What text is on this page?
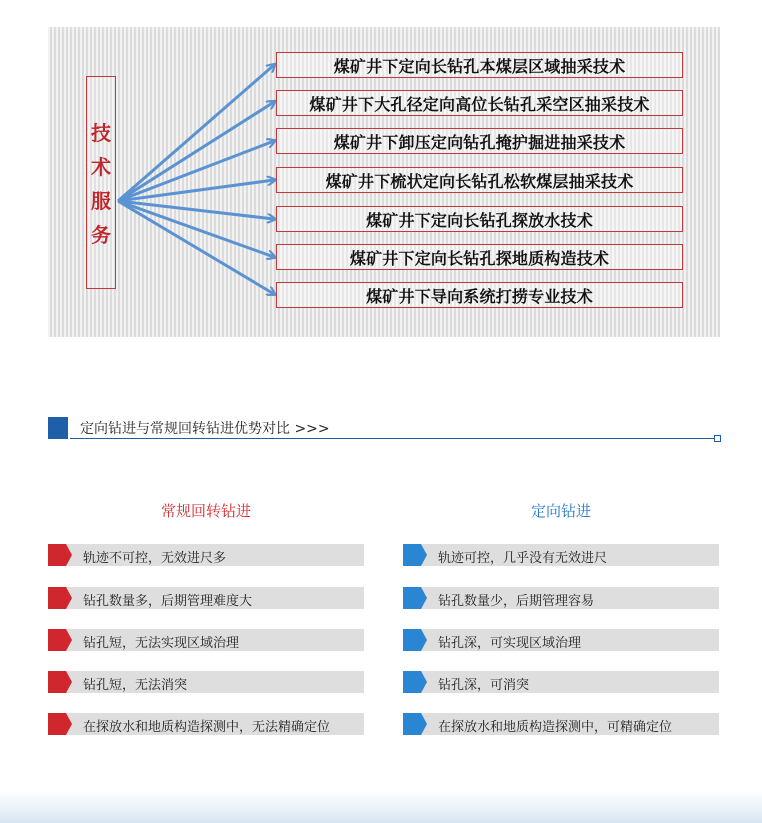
技
术
服
务
煤矿井下定向长钻孔本煤层区域抽采技术
煤矿井下大孔径定向高位长钻孔采空区抽采技术
煤矿井下卸压定向钻孔掩护掘进抽采技术
煤矿井下梳状定向长钻孔松软煤层抽采技术
煤矿井下定向长钻孔探放水技术
煤矿井下定向长钻孔探地质构造技术
煤矿井下导向系统打捞专业技术
定向钻进与常规回转钻进优势对比 >>>
常规回转钻进	定向钻进
轨迹不可控，无效进尺多
钻孔数量多，后期管理难度大
钻孔短，无法实现区域治理
钻孔短，无法消突
在探放水和地质构造探测中，无法精确定位
轨迹可控，几乎没有无效进尺
钻孔数量少，后期管理容易
钻孔深，可实现区域治理
钻孔深，可消突
在探放水和地质构造探测中，可精确定位
